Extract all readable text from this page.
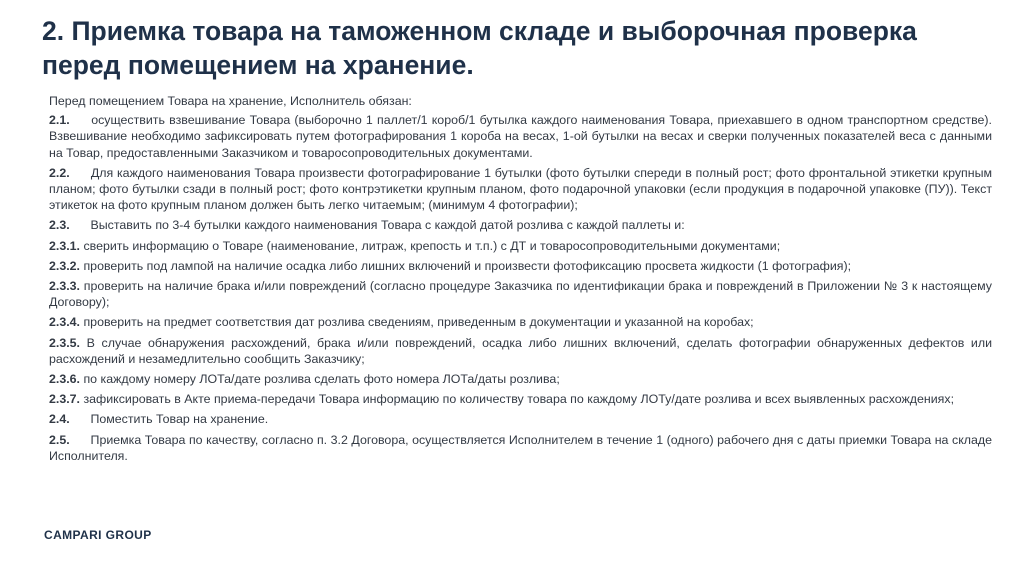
2. Приемка товара на таможенном складе и выборочная проверка перед помещением на хранение.

Перед помещением Товара на хранение, Исполнитель обязан:

2.1. осуществить взвешивание Товара (выборочно 1 паллет/1 короб/1 бутылка каждого наименования Товара, приехавшего в одном транспортном средстве). Взвешивание необходимо зафиксировать путем фотографирования 1 короба на весах, 1-ой бутылки на весах и сверки полученных показателей веса с данными на Товар, предоставленными Заказчиком и товаросопроводительных документами.

2.2. Для каждого наименования Товара произвести фотографирование 1 бутылки (фото бутылки спереди в полный рост; фото фронтальной этикетки крупным планом; фото бутылки сзади в полный рост; фото контрэтикетки крупным планом, фото подарочной упаковки (если продукция в подарочной упаковке (ПУ)). Текст этикеток на фото крупным планом должен быть легко читаемым; (минимум 4 фотографии);

2.3. Выставить по 3-4 бутылки каждого наименования Товара с каждой датой розлива с каждой паллеты и:

2.3.1. сверить информацию о Товаре (наименование, литраж, крепость и т.п.) с ДТ и товаросопроводительными документами;

2.3.2. проверить под лампой на наличие осадка либо лишних включений и произвести фотофиксацию просвета жидкости (1 фотография);

2.3.3. проверить на наличие брака и/или повреждений (согласно процедуре Заказчика по идентификации брака и повреждений в Приложении № 3 к настоящему Договору);

2.3.4. проверить на предмет соответствия дат розлива сведениям, приведенным в документации и указанной на коробах;

2.3.5. В случае обнаружения расхождений, брака и/или повреждений, осадка либо лишних включений, сделать фотографии обнаруженных дефектов или расхождений и незамедлительно сообщить Заказчику;

2.3.6. по каждому номеру ЛОТа/дате розлива сделать фото номера ЛОТа/даты розлива;

2.3.7. зафиксировать в Акте приема-передачи Товара информацию по количеству товара по каждому ЛОТу/дате розлива и всех выявленных расхождениях;

2.4. Поместить Товар на хранение.

2.5. Приемка Товара по качеству, согласно п. 3.2 Договора, осуществляется Исполнителем в течение 1 (одного) рабочего дня с даты приемки Товара на складе Исполнителя.

CAMPARI GROUP
